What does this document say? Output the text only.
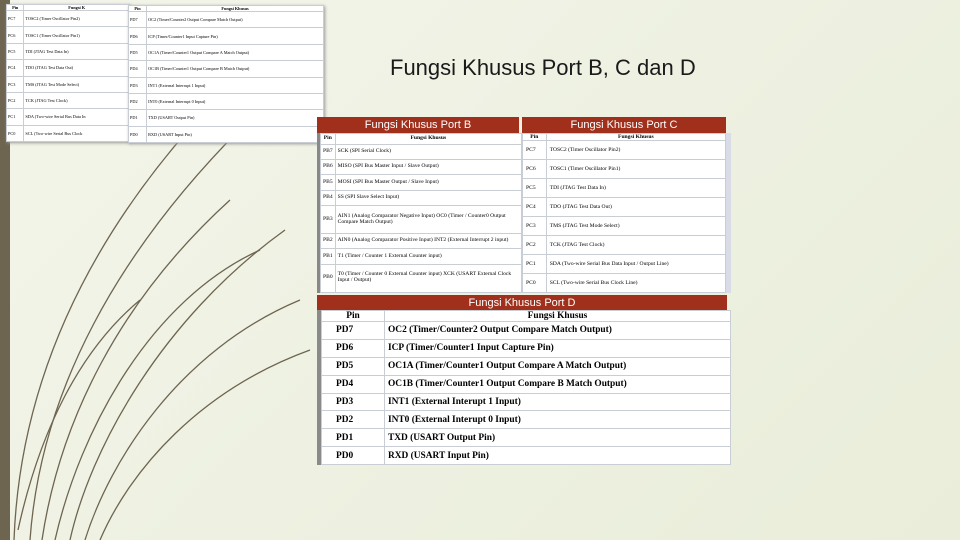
Fungsi Khusus Port B, C dan D
Pin	Fungsi K
PC7	TOSC2 (Timer Oscillator Pin2)
PC6	TOSC1 (Timer Oscillator Pin1)
PC5	TDI (JTAG Test Data In)
PC4	TDO (JTAG Test Data Out)
PC3	TMS (JTAG Test Mode Select)
PC2	TCK (JTAG Test Clock)
PC1	SDA (Two-wire Serial Bus Data In
PC0	SCL (Two-wire Serial Bus Clock
Pin	Fungsi Khusus
PD7	OC2 (Timer/Counter2 Output Compare Match Output)
PD6	ICP (Timer/Counter1 Input Capture Pin)
PD5	OC1A (Timer/Counter1 Output Compare A Match Output)
PD4	OC1B (Timer/Counter1 Output Compare B Match Output)
PD3	INT1 (External Interrupt 1 Input)
PD2	INT0 (External Interrupt 0 Input)
PD1	TXD (USART Output Pin)
PD0	RXD (USART Input Pin)
Fungsi Khusus Port B	Fungsi Khusus Port C
Fungsi Khusus Port D
Pin	Fungsi Khusus
PB7	SCK (SPI Serial Clock)
PB6	MISO (SPI Bus Master Input / Slave Output)
PB5	MOSI (SPI Bus Master Output / Slave Input)
PB4	SS (SPI Slave Select Input)
PB3	AIN1 (Analog Comparator Negative Input) OC0 (Timer / Counter0 Output Compare Match Output)
PB2	AIN0 (Analog Comparator Positive Input) INT2 (External Interrupt 2 input)
PB1	T1 (Timer / Counter 1 External Counter input)
PB0	T0 (Timer / Counter 0 External Counter input) XCK (USART External Clock Input / Output)
Pin	Fungsi Khusus
PC7	TOSC2 (Timer Oscillator Pin2)
PC6	TOSC1 (Timer Oscillator Pin1)
PC5	TDI (JTAG Test Data In)
PC4	TDO (JTAG Test Data Out)
PC3	TMS (JTAG Test Mode Select)
PC2	TCK (JTAG Test Clock)
PC1	SDA (Two-wire Serial Bus Data Input / Output Line)
PC0	SCL (Two-wire Serial Bus Clock Line)
Pin	Fungsi Khusus
PD7	OC2 (Timer/Counter2 Output Compare Match Output)
PD6	ICP (Timer/Counter1 Input Capture Pin)
PD5	OC1A (Timer/Counter1 Output Compare A Match Output)
PD4	OC1B (Timer/Counter1 Output Compare B Match Output)
PD3	INT1 (External Interupt 1 Input)
PD2	INT0 (External Interupt 0 Input)
PD1	TXD (USART Output Pin)
PD0	RXD (USART Input Pin)
